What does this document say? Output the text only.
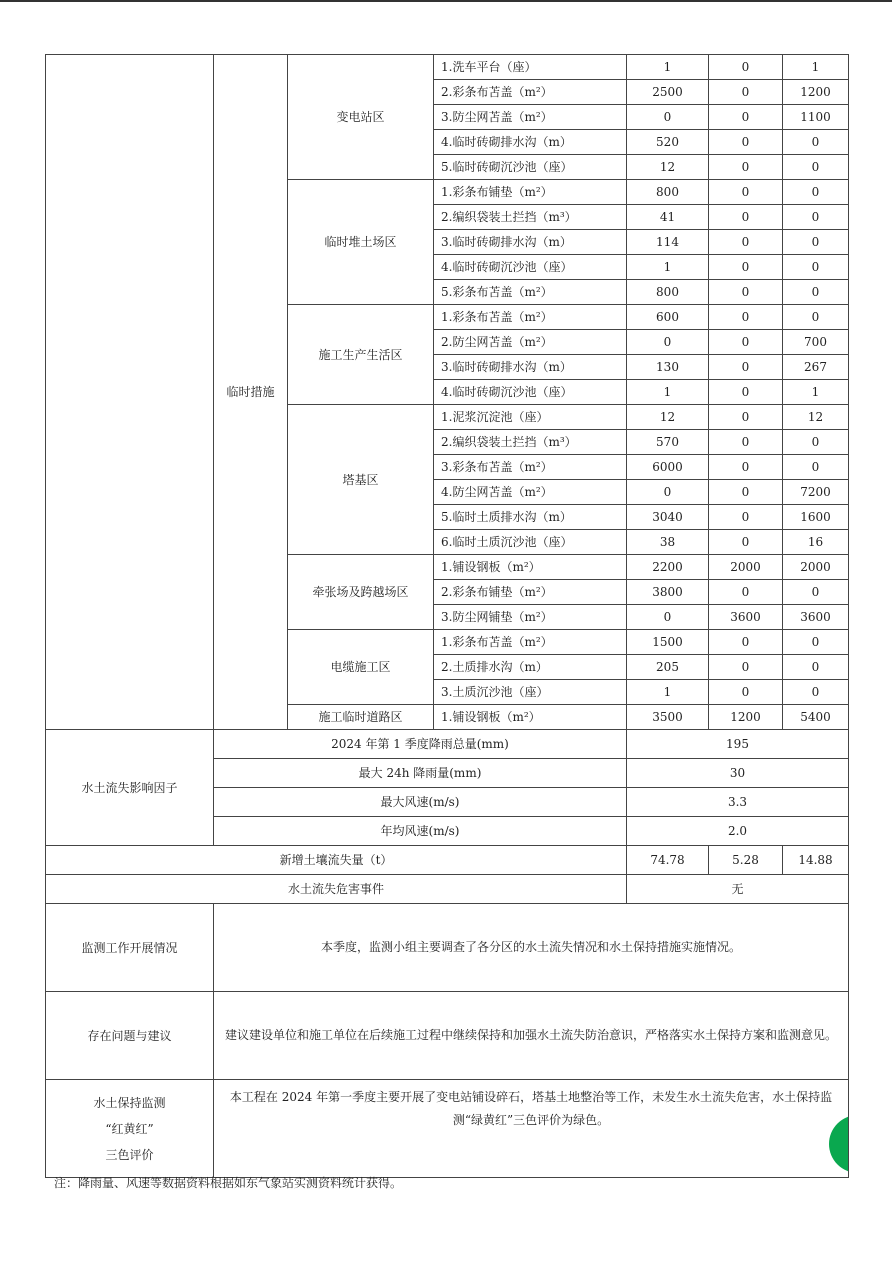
	临时措施	变电站区	1.洗车平台（座）	1	0	1
			2.彩条布苫盖（m²）	2500	0	1200
			3.防尘网苫盖（m²）	0	0	1100
			4.临时砖砌排水沟（m）	520	0	0
			5.临时砖砌沉沙池（座）	12	0	0
		临时堆土场区	1.彩条布铺垫（m²）	800	0	0
			2.编织袋装土拦挡（m³）	41	0	0
			3.临时砖砌排水沟（m）	114	0	0
			4.临时砖砌沉沙池（座）	1	0	0
			5.彩条布苫盖（m²）	800	0	0
		施工生产生活区	1.彩条布苫盖（m²）	600	0	0
			2.防尘网苫盖（m²）	0	0	700
			3.临时砖砌排水沟（m）	130	0	267
			4.临时砖砌沉沙池（座）	1	0	1
		塔基区	1.泥浆沉淀池（座）	12	0	12
			2.编织袋装土拦挡（m³）	570	0	0
			3.彩条布苫盖（m²）	6000	0	0
			4.防尘网苫盖（m²）	0	0	7200
			5.临时土质排水沟（m）	3040	0	1600
			6.临时土质沉沙池（座）	38	0	16
		牵张场及跨越场区	1.铺设钢板（m²）	2200	2000	2000
			2.彩条布铺垫（m²）	3800	0	0
			3.防尘网铺垫（m²）	0	3600	3600
		电缆施工区	1.彩条布苫盖（m²）	1500	0	0
			2.土质排水沟（m）	205	0	0
			3.土质沉沙池（座）	1	0	0
		施工临时道路区	1.铺设钢板（m²）	3500	1200	5400
水土流失影响因子	2024 年第 1 季度降雨总量(mm)			195		
	最大 24h 降雨量(mm)			30		
	最大风速(m/s)			3.3		
	年均风速(m/s)			2.0		
新增土壤流失量（t）				74.78	5.28	14.88
水土流失危害事件				无		
监测工作开展情况	本季度，监测小组主要调查了各分区的水土流失情况和水土保持措施实施情况。					
存在问题与建议	建议建设单位和施工单位在后续施工过程中继续保持和加强水土流失防治意识，严格落实水土保持方案和监测意见。					
水土保持监测
“红黄红”
三色评价	本工程在 2024 年第一季度主要开展了变电站铺设碎石，塔基土地整治等工作，未发生水土流失危害，水土保持监测“绿黄红”三色评价为绿色。					
注：降雨量、风速等数据资料根据如东气象站实测资料统计获得。
